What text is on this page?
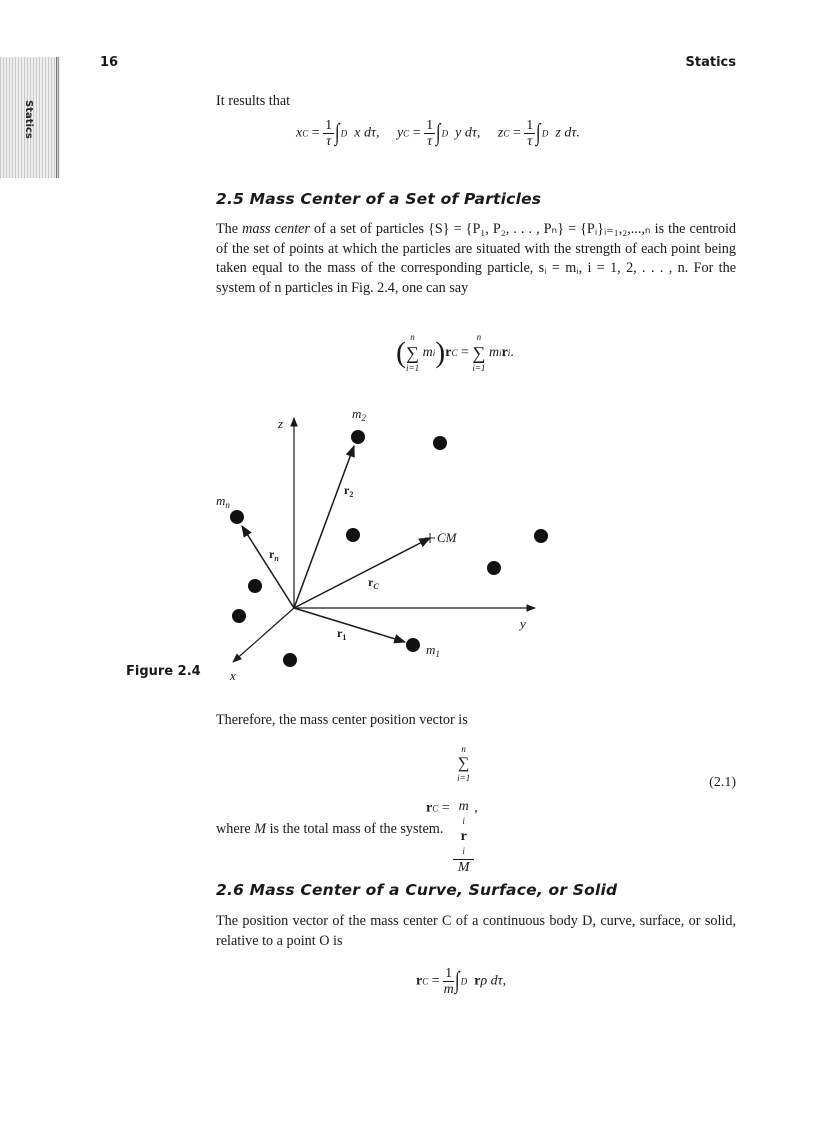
Statics
16	Statics
It results that
xC = $\frac{1}{\tau} \int D$ x dτ, yC = $\frac{1}{\tau} \int D$ y dτ, zC = $\frac{1}{\tau} \int D$ z dτ.
2.5 Mass Center of a Set of Particles
The mass center of a set of particles {S} = {P₁, P₂, . . . , Pₙ} = {Pᵢ}ᵢ₌₁,₂,...,ₙ is the centroid of the set of points at which the particles are situated with the strength of each point being taken equal to the mass of the corresponding particle, sᵢ = mᵢ, i = 1, 2, . . . , n. For the system of n particles in Fig. 2.4, one can say
( n
∑
i=1
mi)rC =
n
∑
i=1
miri.
z
y
x
$m_2$
$m_n$
$m_1$
CM
$r_2$
$r_n$
$r_C$
$r_1$
Figure 2.4
Therefore, the mass center position vector is
rC = n
∑
i=1

m
i
r
i
M ,
(2.1)
where M is the total mass of the system.
2.6 Mass Center of a Curve, Surface, or Solid
The position vector of the mass center C of a continuous body D, curve, surface, or solid, relative to a point O is
rC = $\frac{1}{m} \int D$ rρ dτ,
